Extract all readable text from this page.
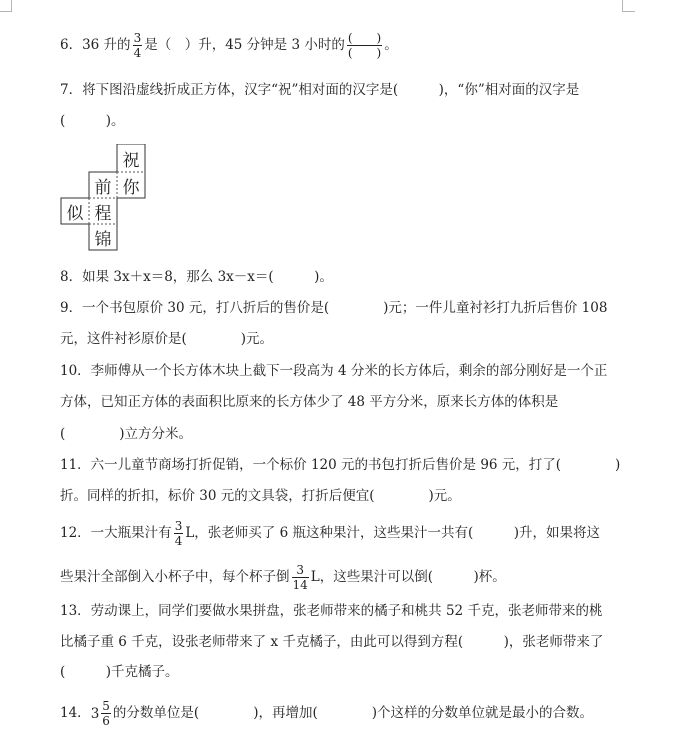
6．36 升的 $\frac{3}{4}$ 是（　）升，45 分钟是 3 小时的 $\frac{( )}{( )}$ 。
7．将下图沿虚线折成正方体，汉字“祝”相对面的汉字是(　　　)，“你”相对面的汉字是
(　　　)。
祝
前 你
似 程
锦
8．如果 3x＋x＝8，那么 3x－x＝(　　　)。
9．一个书包原价 30 元，打八折后的售价是(　　　　)元；一件儿童衬衫打九折后售价 108
元，这件衬衫原价是(　　　　)元。
10．李师傅从一个长方体木块上截下一段高为 4 分米的长方体后，剩余的部分刚好是一个正
方体，已知正方体的表面积比原来的长方体少了 48 平方分米，原来长方体的体积是
(　　　　)立方分米。
11．六一儿童节商场打折促销，一个标价 120 元的书包打折后售价是 96 元，打了(　　　　)
折。同样的折扣，标价 30 元的文具袋，打折后便宜(　　　　)元。
12．一大瓶果汁有 $\frac{3}{4}$ L，张老师买了 6 瓶这种果汁，这些果汁一共有(　　　)升，如果将这
些果汁全部倒入小杯子中，每个杯子倒 $\frac{3}{14}$ L，这些果汁可以倒(　　　)杯。
13．劳动课上，同学们要做水果拼盘，张老师带来的橘子和桃共 52 千克，张老师带来的桃
比橘子重 6 千克，设张老师带来了 x 千克橘子，由此可以得到方程(　　　)，张老师带来了
(　　　)千克橘子。
14． $3 \frac{5}{6}$ 的分数单位是(　　　　)，再增加(　　　　)个这样的分数单位就是最小的合数。
